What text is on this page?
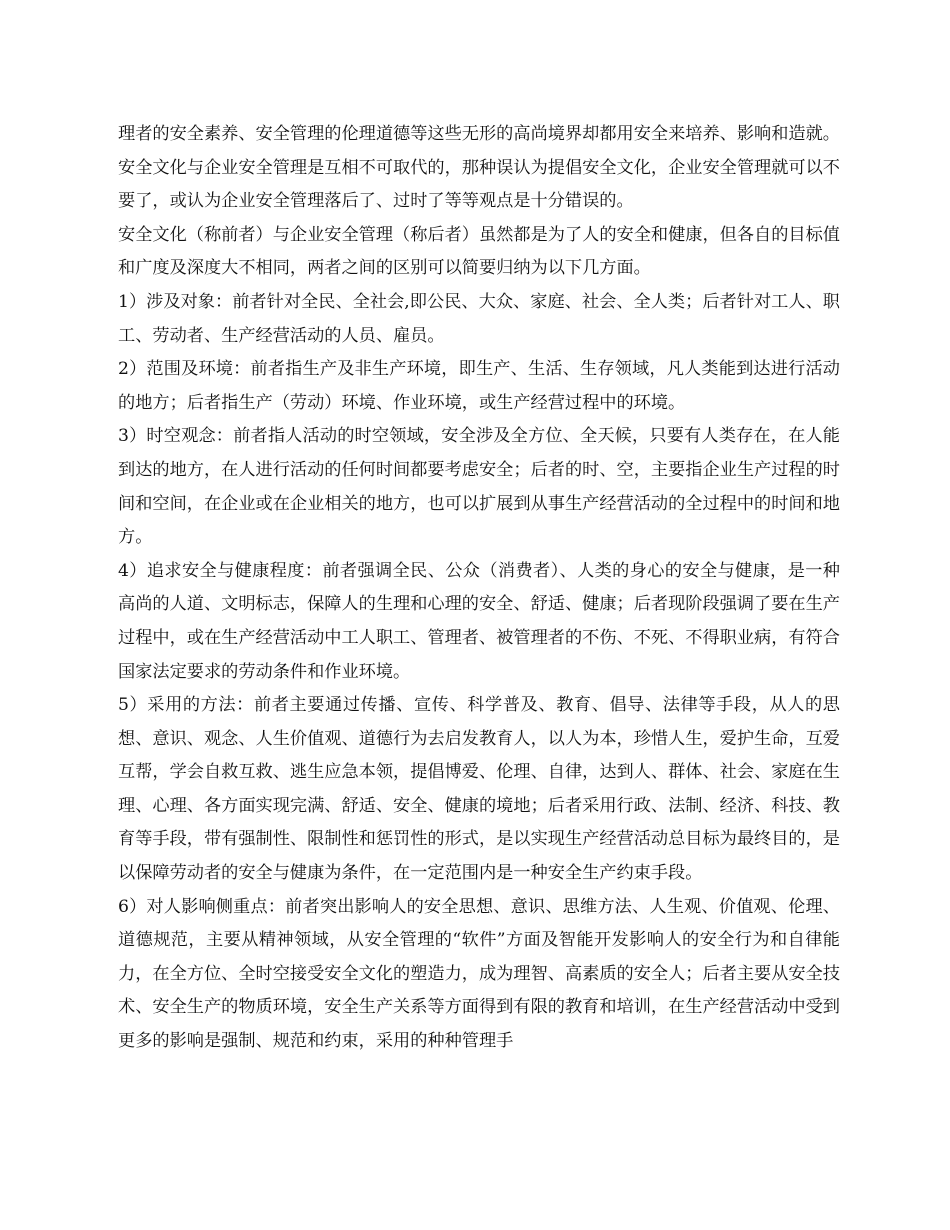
理者的安全素养、安全管理的伦理道德等这些无形的高尚境界却都用安全来培养、影响和造就。安全文化与企业安全管理是互相不可取代的，那种误认为提倡安全文化，企业安全管理就可以不要了，或认为企业安全管理落后了、过时了等等观点是十分错误的。

安全文化（称前者）与企业安全管理（称后者）虽然都是为了人的安全和健康，但各自的目标值和广度及深度大不相同，两者之间的区别可以简要归纳为以下几方面。

1）涉及对象：前者针对全民、全社会,即公民、大众、家庭、社会、全人类；后者针对工人、职工、劳动者、生产经营活动的人员、雇员。

2）范围及环境：前者指生产及非生产环境，即生产、生活、生存领域，凡人类能到达进行活动的地方；后者指生产（劳动）环境、作业环境，或生产经营过程中的环境。

3）时空观念：前者指人活动的时空领域，安全涉及全方位、全天候，只要有人类存在，在人能到达的地方，在人进行活动的任何时间都要考虑安全；后者的时、空，主要指企业生产过程的时间和空间，在企业或在企业相关的地方，也可以扩展到从事生产经营活动的全过程中的时间和地方。

4）追求安全与健康程度：前者强调全民、公众（消费者）、人类的身心的安全与健康，是一种高尚的人道、文明标志，保障人的生理和心理的安全、舒适、健康；后者现阶段强调了要在生产过程中，或在生产经营活动中工人职工、管理者、被管理者的不伤、不死、不得职业病，有符合国家法定要求的劳动条件和作业环境。

5）采用的方法：前者主要通过传播、宣传、科学普及、教育、倡导、法律等手段，从人的思想、意识、观念、人生价值观、道德行为去启发教育人，以人为本，珍惜人生，爱护生命，互爱互帮，学会自救互救、逃生应急本领，提倡博爱、伦理、自律，达到人、群体、社会、家庭在生理、心理、各方面实现完满、舒适、安全、健康的境地；后者采用行政、法制、经济、科技、教育等手段，带有强制性、限制性和惩罚性的形式，是以实现生产经营活动总目标为最终目的，是以保障劳动者的安全与健康为条件，在一定范围内是一种安全生产约束手段。

6）对人影响侧重点：前者突出影响人的安全思想、意识、思维方法、人生观、价值观、伦理、道德规范，主要从精神领域，从安全管理的“软件”方面及智能开发影响人的安全行为和自律能力，在全方位、全时空接受安全文化的塑造力，成为理智、高素质的安全人；后者主要从安全技术、安全生产的物质环境，安全生产关系等方面得到有限的教育和培训，在生产经营活动中受到更多的影响是强制、规范和约束，采用的种种管理手
